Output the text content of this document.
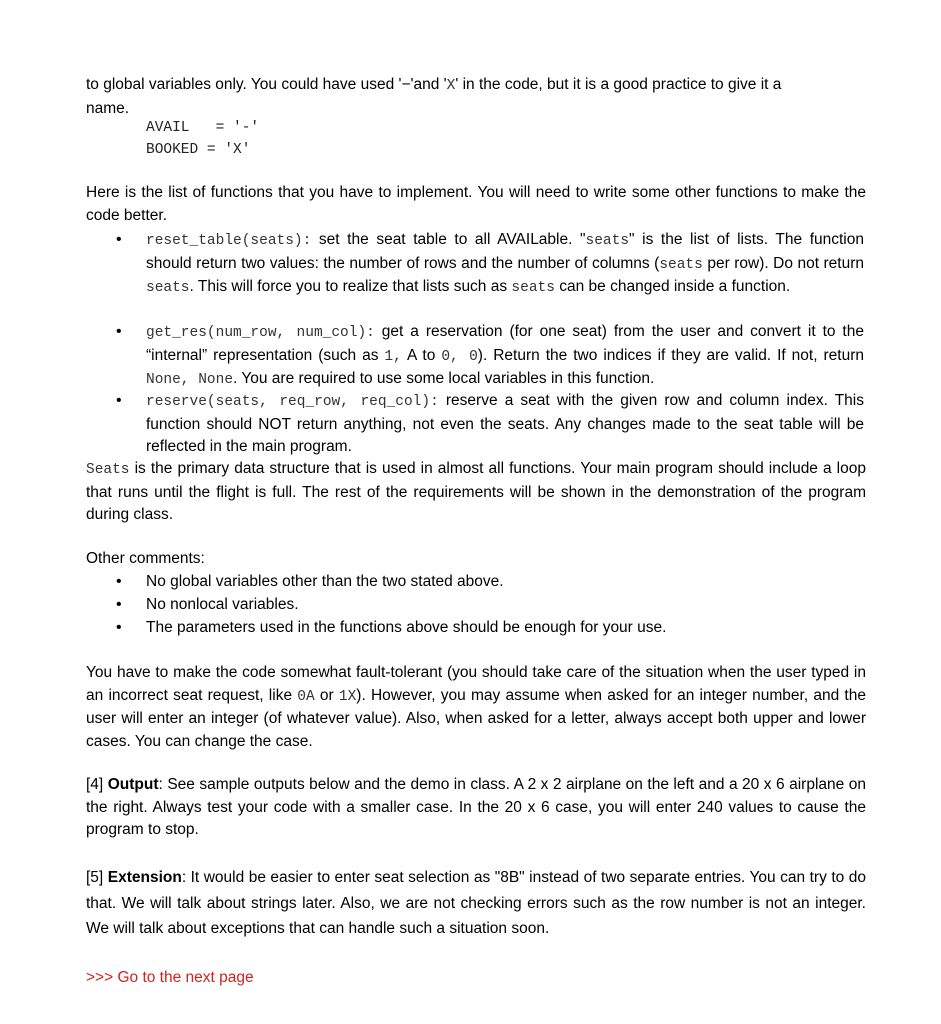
to global variables only. You could have used '−'and 'X' in the code, but it is a good practice to give it a

name.

AVAIL   = '-'
BOOKED = 'X'
Here is the list of functions that you have to implement. You will need to write some other functions to make the code better.
•	reset_table(seats): set the seat table to all AVAILable. "seats" is the list of lists. The function should return two values: the number of rows and the number of columns (seats per row). Do not return seats. This will force you to realize that lists such as seats can be changed inside a function.
•	get_res(num_row, num_col): get a reservation (for one seat) from the user and convert it to the “internal” representation (such as 1, A to 0, 0). Return the two indices if they are valid. If not, return None, None. You are required to use some local variables in this function.
•	reserve(seats, req_row, req_col): reserve a seat with the given row and column index. This function should NOT return anything, not even the seats. Any changes made to the seat table will be reflected in the main program.
Seats is the primary data structure that is used in almost all functions. Your main program should include a loop that runs until the flight is full. The rest of the requirements will be shown in the demonstration of the program during class.
Other comments:
•	No global variables other than the two stated above.
•	No nonlocal variables.
•	The parameters used in the functions above should be enough for your use.
You have to make the code somewhat fault-tolerant (you should take care of the situation when the user typed in an incorrect seat request, like 0A or 1X). However, you may assume when asked for an integer number, and the user will enter an integer (of whatever value). Also, when asked for a letter, always accept both upper and lower cases. You can change the case.
[4] Output: See sample outputs below and the demo in class. A 2 x 2 airplane on the left and a 20 x 6 airplane on the right. Always test your code with a smaller case. In the 20 x 6 case, you will enter 240 values to cause the program to stop.
[5] Extension: It would be easier to enter seat selection as "8B" instead of two separate entries. You can try to do that. We will talk about strings later. Also, we are not checking errors such as the row number is not an integer. We will talk about exceptions that can handle such a situation soon.
>>> Go to the next page
